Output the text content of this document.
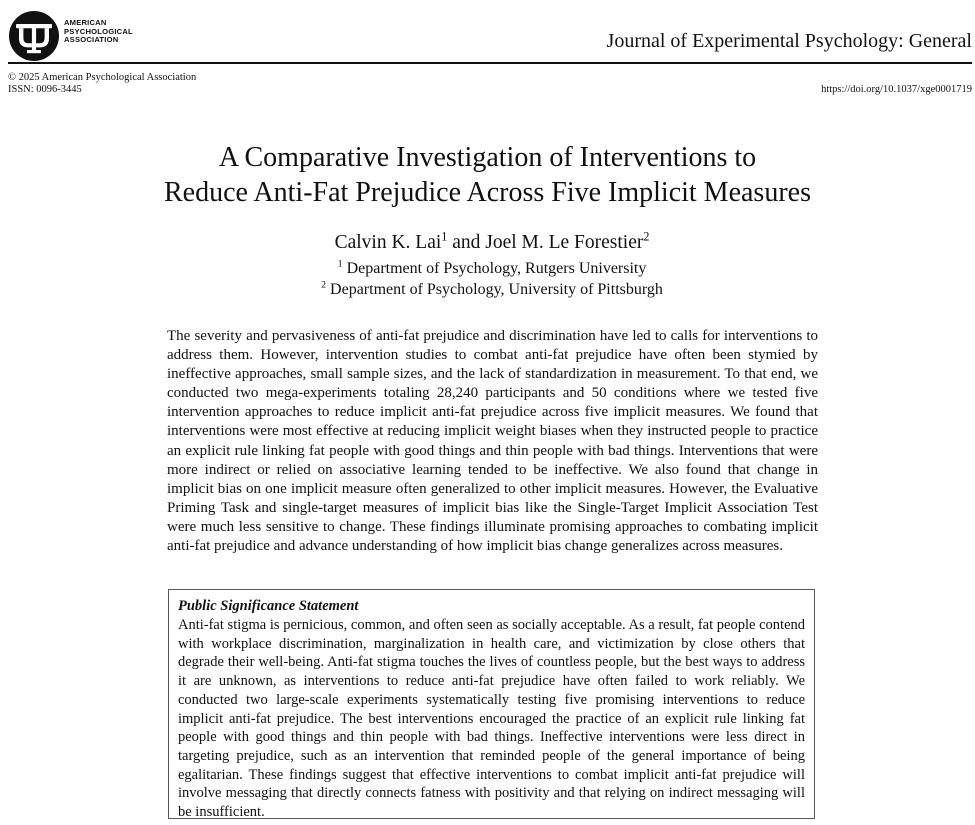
AMERICAN
PSYCHOLOGICAL
ASSOCIATION	Journal of Experimental Psychology: General
© 2025 American Psychological Association
ISSN: 0096-3445	https://doi.org/10.1037/xge0001719
A Comparative Investigation of Interventions to
Reduce Anti-Fat Prejudice Across Five Implicit Measures
Calvin K. Lai$^1$ and Joel M. Le Forestier$^2$
$^1$ Department of Psychology, Rutgers University
$^2$ Department of Psychology, University of Pittsburgh

The severity and pervasiveness of anti-fat prejudice and discrimination have led to calls for interventions to address them. However, intervention studies to combat anti-fat prejudice have often been stymied by ineffective approaches, small sample sizes, and the lack of standardization in measurement. To that end, we conducted two mega-experiments totaling 28,240 participants and 50 conditions where we tested five intervention approaches to reduce implicit anti-fat prejudice across five implicit measures. We found that interventions were most effective at reducing implicit weight biases when they instructed people to practice an explicit rule linking fat people with good things and thin people with bad things. Interventions that were more indirect or relied on associative learning tended to be ineffective. We also found that change in implicit bias on one implicit measure often generalized to other implicit measures. However, the Evaluative Priming Task and single-target measures of implicit bias like the Single-Target Implicit Association Test were much less sensitive to change. These findings illuminate promising approaches to combating implicit anti-fat prejudice and advance understanding of how implicit bias change generalizes across measures.

Public Significance Statement

Anti-fat stigma is pernicious, common, and often seen as socially acceptable. As a result, fat people contend with workplace discrimination, marginalization in health care, and victimization by close others that degrade their well-being. Anti-fat stigma touches the lives of countless people, but the best ways to address it are unknown, as interventions to reduce anti-fat prejudice have often failed to work reliably. We conducted two large-scale experiments systematically testing five promising interventions to reduce implicit anti-fat prejudice. The best interventions encouraged the practice of an explicit rule linking fat people with good things and thin people with bad things. Ineffective interventions were less direct in targeting prejudice, such as an intervention that reminded people of the general importance of being egalitarian. These findings suggest that effective interventions to combat implicit anti-fat prejudice will involve messaging that directly connects fatness with positivity and that relying on indirect messaging will be insufficient.
